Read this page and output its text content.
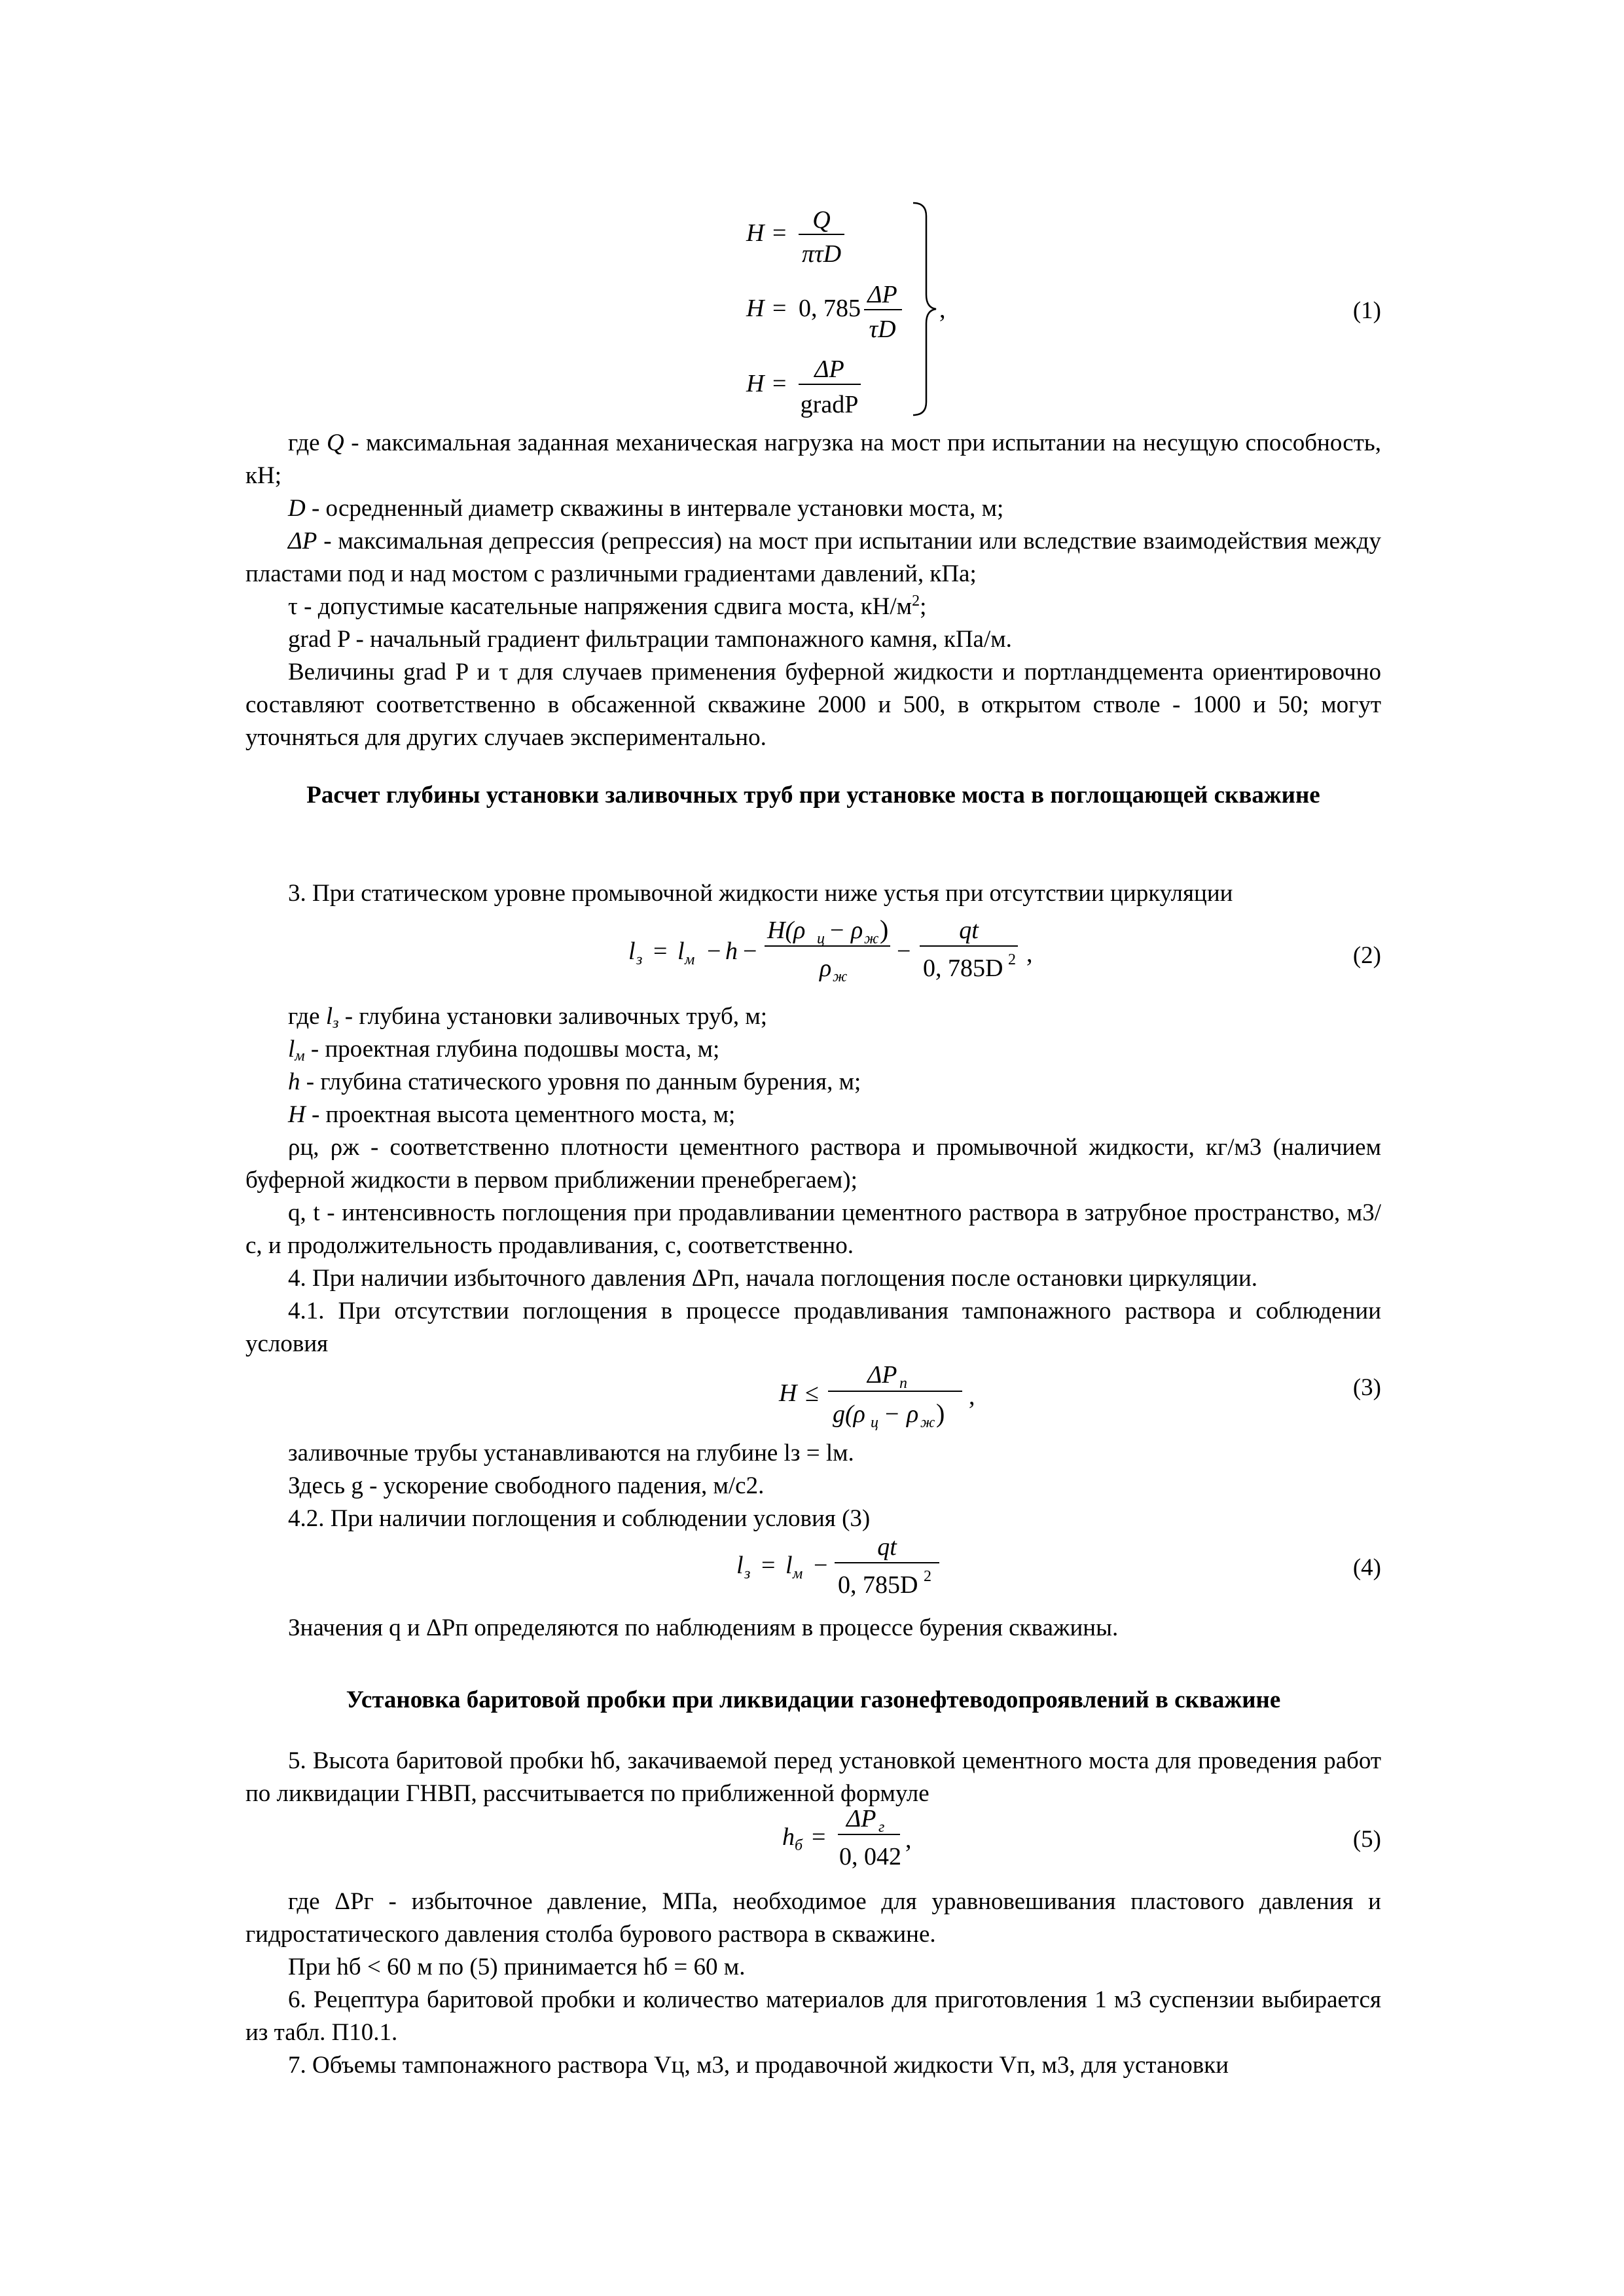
H = Q
πτD
H = 0, 785 ΔP
τD
H =
ΔP
gradP
,	(1)

где Q - максимальная заданная механическая нагрузка на мост при испытании на несущую способность, кН;

D - осредненный диаметр скважины в интервале установки моста, м;

ΔP - максимальная депрессия (репрессия) на мост при испытании или вследствие взаимодействия между пластами под и над мостом с различными градиентами давлений, кПа;

τ - допустимые касательные напряжения сдвига моста, $кН/м^2$;

grad P - начальный градиент фильтрации тампонажного камня, кПа/м.

Величины grad P и τ для случаев применения буферной жидкости и портландцемента ориентировочно составляют соответственно в обсаженной скважине 2000 и 500, в открытом стволе - 1000 и 50; могут уточняться для других случаев экспериментально.

Расчет глубины установки заливочных труб при установке моста в поглощающей скважине

3. При статическом уровне промывочной жидкости ниже устья при отсутствии циркуляции

l з = l м − h −
H(ρ ц − ρ ж )
ρ ж
−
qt
0, 785D 2 ,	(2)

где $l_з$ - глубина установки заливочных труб, м;

$l_м$ - проектная глубина подошвы моста, м;

h - глубина статического уровня по данным бурения, м;

H - проектная высота цементного моста, м;

ρц, ρж - соответственно плотности цементного раствора и промывочной жидкости, кг/м3 (наличием буферной жидкости в первом приближении пренебрегаем);

q, t - интенсивность поглощения при продавливании цементного раствора в затрубное пространство, м3/с, и продолжительность продавливания, с, соответственно.

4. При наличии избыточного давления ΔPп, начала поглощения после остановки циркуляции.

4.1. При отсутствии поглощения в процессе продавливания тампонажного раствора и соблюдении условия

H ≤
ΔP п
g(ρ ц − ρ ж )
,	(3)

заливочные трубы устанавливаются на глубине lз = lм.

Здесь g - ускорение свободного падения, м/с2.

4.2. При наличии поглощения и соблюдении условия (3)

l з = l м −
qt
0, 785D 2	(4)

Значения q и ΔPп определяются по наблюдениям в процессе бурения скважины.

Установка баритовой пробки при ликвидации газонефтеводопроявлений в скважине

5. Высота баритовой пробки hб, закачиваемой перед установкой цементного моста для проведения работ по ликвидации ГНВП, рассчитывается по приближенной формуле

h б =
ΔP г
0, 042
,	(5)

где ΔPг - избыточное давление, МПа, необходимое для уравновешивания пластового давления и гидростатического давления столба бурового раствора в скважине.

При hб < 60 м по (5) принимается hб = 60 м.

6. Рецептура баритовой пробки и количество материалов для приготовления 1 м3 суспензии выбирается из табл. П10.1.

7. Объемы тампонажного раствора Vц, м3, и продавочной жидкости Vп, м3, для установки
